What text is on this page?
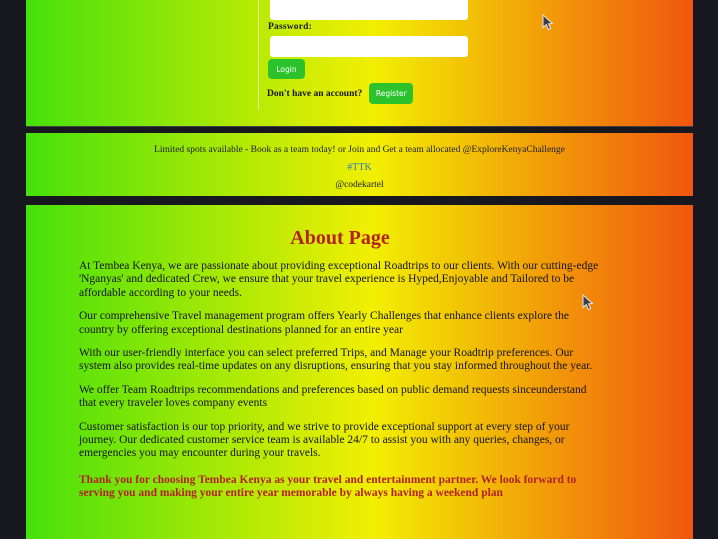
Password:
Login
Don't have an account?	Register

Limited spots available - Book as a team today! or Join and Get a team allocated @ExploreKenyaChallenge

#TTK

@codekartel

About Page

At Tembea Kenya, we are passionate about providing exceptional Roadtrips to our clients. With our cutting-edge 'Nganyas' and dedicated Crew, we ensure that your travel experience is Hyped,Enjoyable and Tailored to be affordable according to your needs.

Our comprehensive Travel management program offers Yearly Challenges that enhance clients explore the country by offering exceptional destinations planned for an entire year

With our user-friendly interface you can select preferred Trips, and Manage your Roadtrip preferences. Our system also provides real-time updates on any disruptions, ensuring that you stay informed throughout the year.

We offer Team Roadtrips recommendations and preferences based on public demand requests sinceunderstand that every traveler loves company events

Customer satisfaction is our top priority, and we strive to provide exceptional support at every step of your journey. Our dedicated customer service team is available 24/7 to assist you with any queries, changes, or emergencies you may encounter during your travels.

Thank you for choosing Tembea Kenya as your travel and entertainment partner. We look forward to serving you and making your entire year memorable by always having a weekend plan
